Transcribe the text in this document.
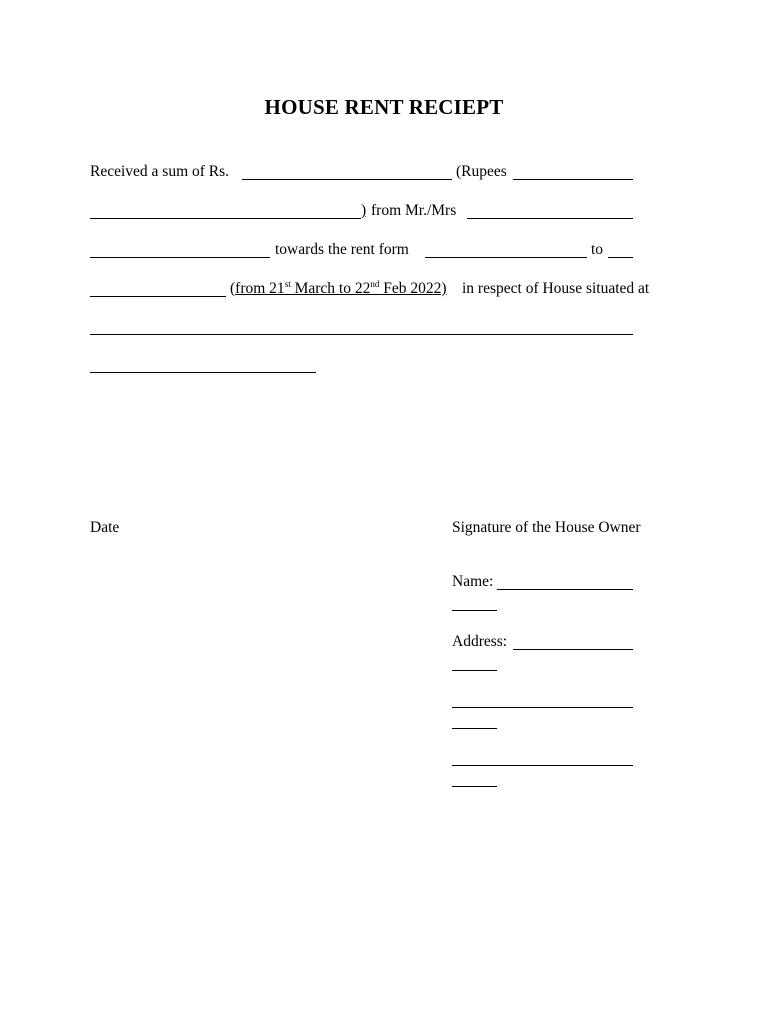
HOUSE RENT RECIEPT
Received a sum of Rs.	(Rupees
) from Mr./Mrs
towards the rent form	to
(from 21st March to 22nd Feb 2022) in respect of House situated at
Date	Signature of the House Owner
Name:
Address:
